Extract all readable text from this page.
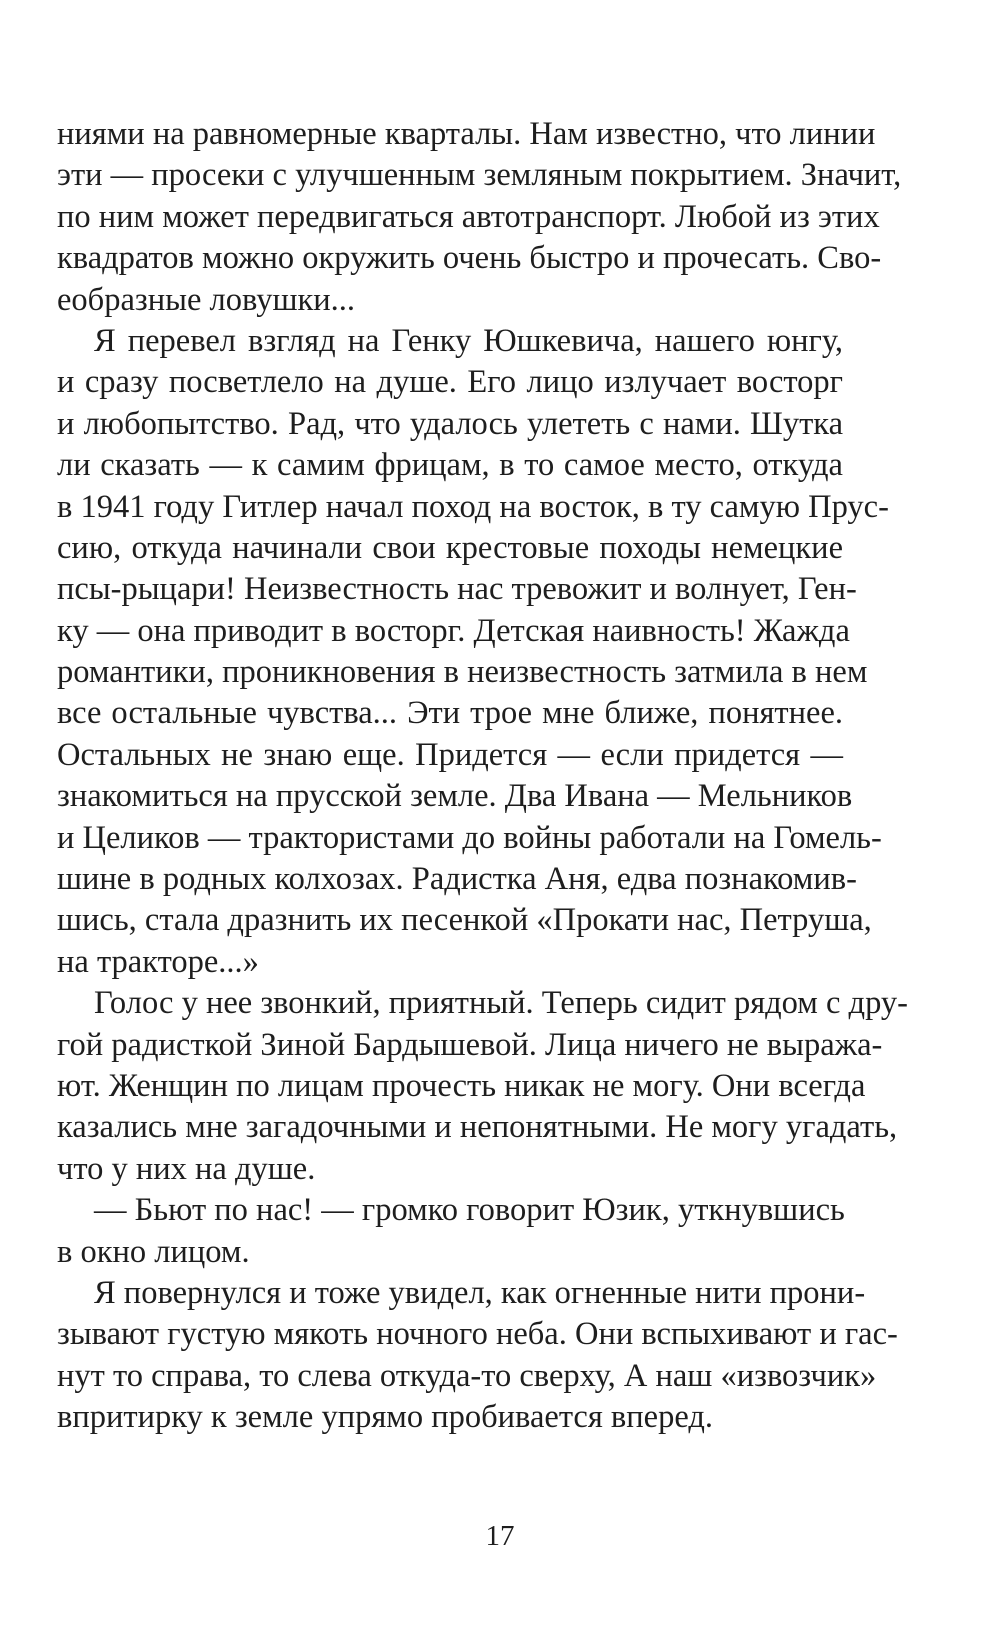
ниями на равномерные кварталы. Нам известно, что линии
эти — просеки с улучшенным земляным покрытием. Значит,
по ним может передвигаться автотранспорт. Любой из этих
квадратов можно окружить очень быстро и прочесать. Сво-
еобразные ловушки...
Я перевел взгляд на Генку Юшкевича, нашего юнгу,
и сразу посветлело на душе. Его лицо излучает восторг
и любопытство. Рад, что удалось улететь с нами. Шутка
ли сказать — к самим фрицам, в то самое место, откуда
в 1941 году Гитлер начал поход на восток, в ту самую Прус-
сию, откуда начинали свои крестовые походы немецкие
псы-рыцари! Неизвестность нас тревожит и волнует, Ген-
ку — она приводит в восторг. Детская наивность! Жажда
романтики, проникновения в неизвестность затмила в нем
все остальные чувства... Эти трое мне ближе, понятнее.
Остальных не знаю еще. Придется — если придется —
знакомиться на прусской земле. Два Ивана — Мельников
и Целиков — трактористами до войны работали на Гомель-
шине в родных колхозах. Радистка Аня, едва познакомив-
шись, стала дразнить их песенкой «Прокати нас, Петруша,
на тракторе...»
Голос у нее звонкий, приятный. Теперь сидит рядом с дру-
гой радисткой Зиной Бардышевой. Лица ничего не выража-
ют. Женщин по лицам прочесть никак не могу. Они всегда
казались мне загадочными и непонятными. Не могу угадать,
что у них на душе.
— Бьют по нас! — громко говорит Юзик, уткнувшись
в окно лицом.
Я повернулся и тоже увидел, как огненные нити прони-
зывают густую мякоть ночного неба. Они вспыхивают и гас-
нут то справа, то слева откуда-то сверху, А наш «извозчик»
впритирку к земле упрямо пробивается вперед.
17
